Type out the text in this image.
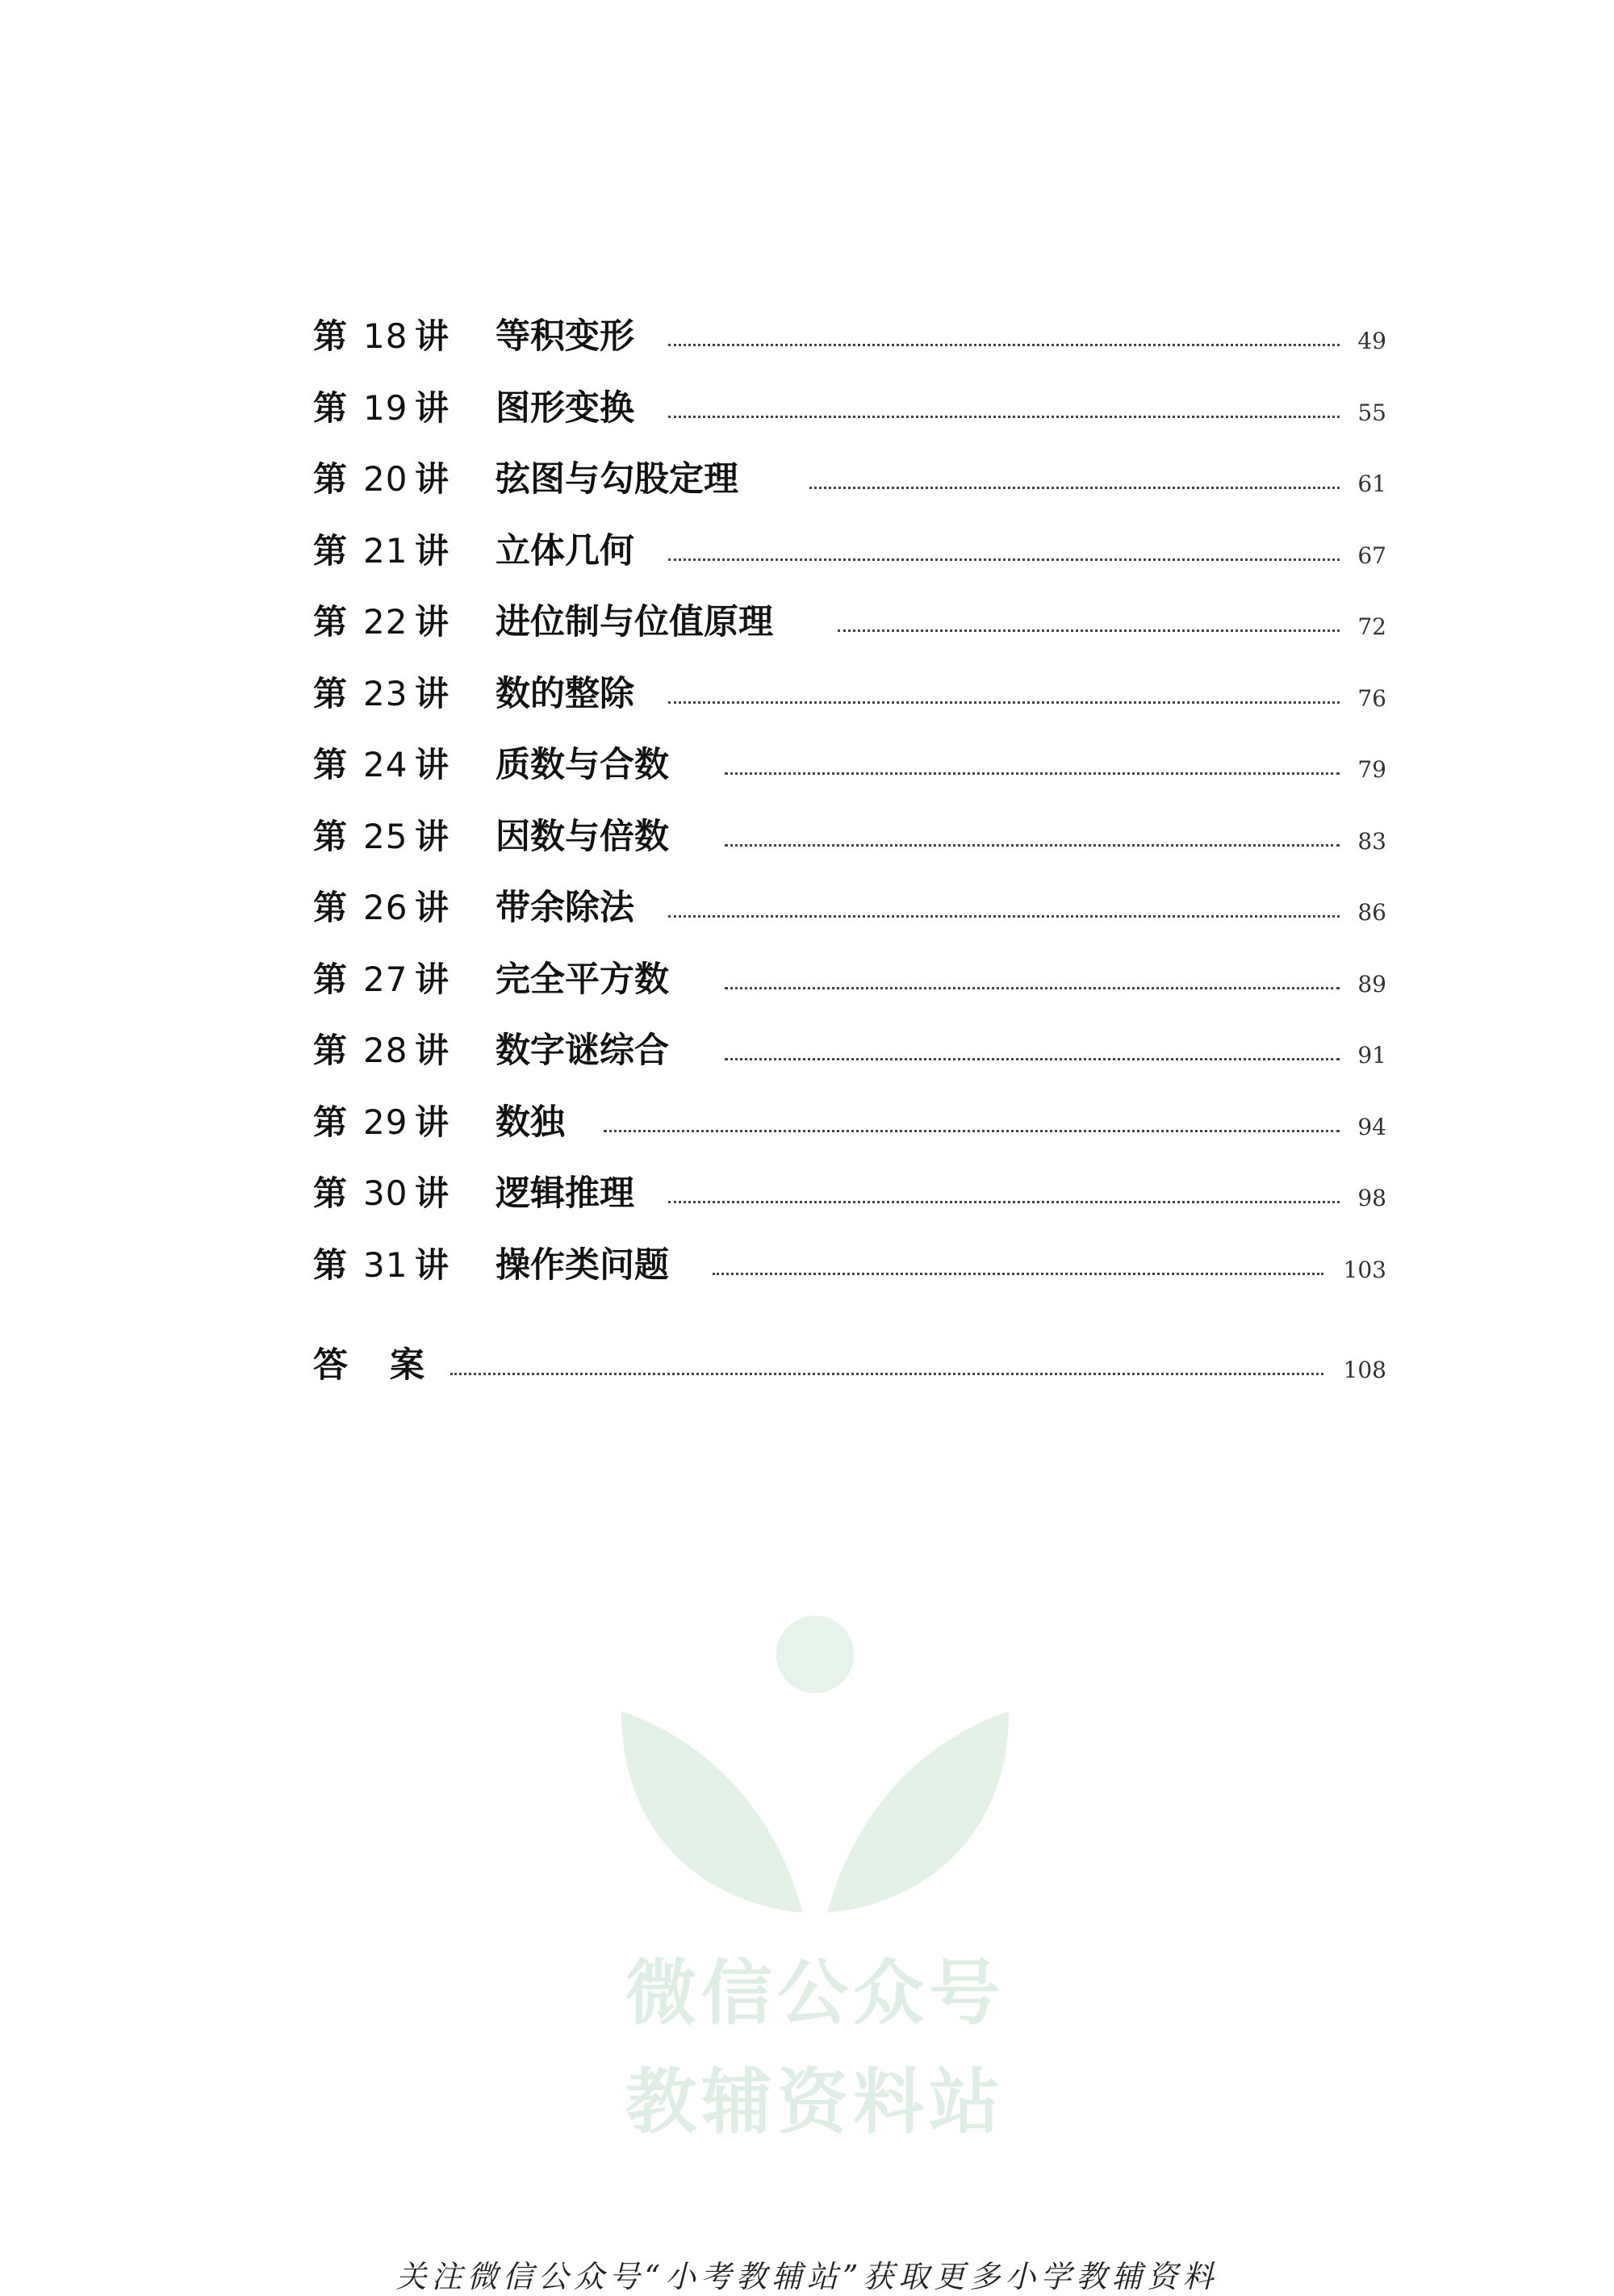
第 18 讲 等积变形	49
第 19 讲 图形变换	55
第 20 讲 弦图与勾股定理	61
第 21 讲 立体几何	67
第 22 讲 进位制与位值原理	72
第 23 讲 数的整除	76
第 24 讲 质数与合数	79
第 25 讲 因数与倍数	83
第 26 讲 带余除法	86
第 27 讲 完全平方数	89
第 28 讲 数字谜综合	91
第 29 讲 数独	94
第 30 讲 逻辑推理	98
第 31 讲 操作类问题	103
答案	108
微信公众号
教辅资料站
关注微信公众号“小考教辅站”获取更多小学教辅资料
